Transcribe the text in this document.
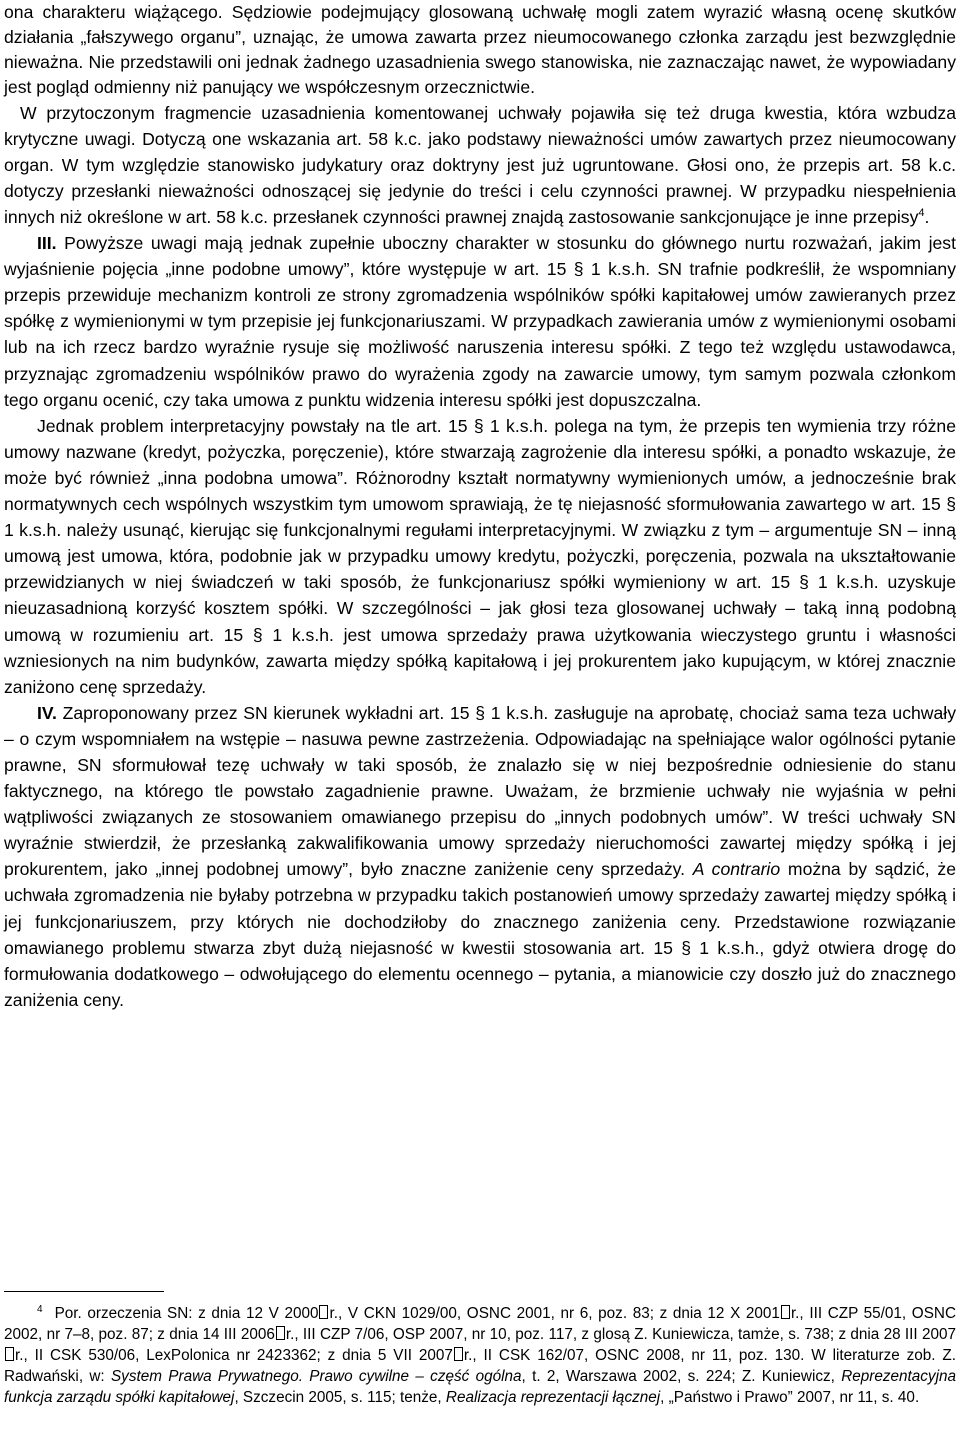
ona charakteru wiążącego. Sędziowie podejmujący glosowaną uchwałę mogli zatem wyrazić własną ocenę skutków działania „fałszywego organu”, uznając, że umowa zawarta przez nieumocowanego członka zarządu jest bezwzględnie nieważna. Nie przedstawili oni jednak żadnego uzasadnienia swego stanowiska, nie zaznaczając nawet, że wypowiadany jest pogląd odmienny niż panujący we współczesnym orzecznictwie.

W przytoczonym fragmencie uzasadnienia komentowanej uchwały pojawiła się też druga kwestia, która wzbudza krytyczne uwagi. Dotyczą one wskazania art. 58 k.c. jako podstawy nieważności umów zawartych przez nieumocowany organ. W tym względzie stanowisko judykatury oraz doktryny jest już ugruntowane. Głosi ono, że przepis art. 58 k.c. dotyczy przesłanki nieważności odnoszącej się jedynie do treści i celu czynności prawnej. W przypadku niespełnienia innych niż określone w art. 58 k.c. przesłanek czynności prawnej znajdą zastosowanie sankcjonujące je inne przepisy$^4$.

III. Powyższe uwagi mają jednak zupełnie uboczny charakter w stosunku do głównego nurtu rozważań, jakim jest wyjaśnienie pojęcia „inne podobne umowy”, które występuje w art. 15 § 1 k.s.h. SN trafnie podkreślił, że wspomniany przepis przewiduje mechanizm kontroli ze strony zgromadzenia wspólników spółki kapitałowej umów zawieranych przez spółkę z wymienionymi w tym przepisie jej funkcjonariuszami. W przypadkach zawierania umów z wymienionymi osobami lub na ich rzecz bardzo wyraźnie rysuje się możliwość naruszenia interesu spółki. Z tego też względu ustawodawca, przyznając zgromadzeniu wspólników prawo do wyrażenia zgody na zawarcie umowy, tym samym pozwala członkom tego organu ocenić, czy taka umowa z punktu widzenia interesu spółki jest dopuszczalna.

Jednak problem interpretacyjny powstały na tle art. 15 § 1 k.s.h. polega na tym, że przepis ten wymienia trzy różne umowy nazwane (kredyt, pożyczka, poręczenie), które stwarzają zagrożenie dla interesu spółki, a ponadto wskazuje, że może być również „inna podobna umowa”. Różnorodny kształt normatywny wymienionych umów, a jednocześnie brak normatywnych cech wspólnych wszystkim tym umowom sprawiają, że tę niejasność sformułowania zawartego w art. 15 § 1 k.s.h. należy usunąć, kierując się funkcjonalnymi regułami interpretacyjnymi. W związku z tym – argumentuje SN – inną umową jest umowa, która, podobnie jak w przypadku umowy kredytu, pożyczki, poręczenia, pozwala na ukształtowanie przewidzianych w niej świadczeń w taki sposób, że funkcjonariusz spółki wymieniony w art. 15 § 1 k.s.h. uzyskuje nieuzasadnioną korzyść kosztem spółki. W szczególności – jak głosi teza glosowanej uchwały – taką inną podobną umową w rozumieniu art. 15 § 1 k.s.h. jest umowa sprzedaży prawa użytkowania wieczystego gruntu i własności wzniesionych na nim budynków, zawarta między spółką kapitałową i jej prokurentem jako kupującym, w której znacznie zaniżono cenę sprzedaży.

IV. Zaproponowany przez SN kierunek wykładni art. 15 § 1 k.s.h. zasługuje na aprobatę, chociaż sama teza uchwały – o czym wspomniałem na wstępie – nasuwa pewne zastrzeżenia. Odpowiadając na spełniające walor ogólności pytanie prawne, SN sformułował tezę uchwały w taki sposób, że znalazło się w niej bezpośrednie odniesienie do stanu faktycznego, na którego tle powstało zagadnienie prawne. Uważam, że brzmienie uchwały nie wyjaśnia w pełni wątpliwości związanych ze stosowaniem omawianego przepisu do „innych podobnych umów”. W treści uchwały SN wyraźnie stwierdził, że przesłanką zakwalifikowania umowy sprzedaży nieruchomości zawartej między spółką i jej prokurentem, jako „innej podobnej umowy”, było znaczne zaniżenie ceny sprzedaży. A contrario można by sądzić, że uchwała zgromadzenia nie byłaby potrzebna w przypadku takich postanowień umowy sprzedaży zawartej między spółką i jej funkcjonariuszem, przy których nie dochodziłoby do znacznego zaniżenia ceny. Przedstawione rozwiązanie omawianego problemu stwarza zbyt dużą niejasność w kwestii stosowania art. 15 § 1 k.s.h., gdyż otwiera drogę do formułowania dodatkowego – odwołującego do elementu ocennego – pytania, a mianowicie czy doszło już do znacznego zaniżenia ceny.

$^4$ Por. orzeczenia SN: z dnia 12 V 2000 r., V CKN 1029/00, OSNC 2001, nr 6, poz. 83; z dnia 12 X 2001 r., III CZP 55/01, OSNC 2002, nr 7–8, poz. 87; z dnia 14 III 2006 r., III CZP 7/06, OSP 2007, nr 10, poz. 117, z glosą Z. Kuniewicza, tamże, s. 738; z dnia 28 III 2007r., II CSK 530/06, LexPolonica nr 2423362; z dnia 5 VII 2007 r., II CSK 162/07, OSNC 2008, nr 11, poz. 130. W literaturze zob. Z. Radwański, w: System Prawa Prywatnego. Prawo cywilne – część ogólna, t. 2, Warszawa 2002, s. 224; Z. Kuniewicz, Reprezentacyjna funkcja zarządu spółki kapitałowej, Szczecin 2005, s. 115; tenże, Realizacja reprezentacji łącznej, „Państwo i Prawo” 2007, nr 11, s. 40.
